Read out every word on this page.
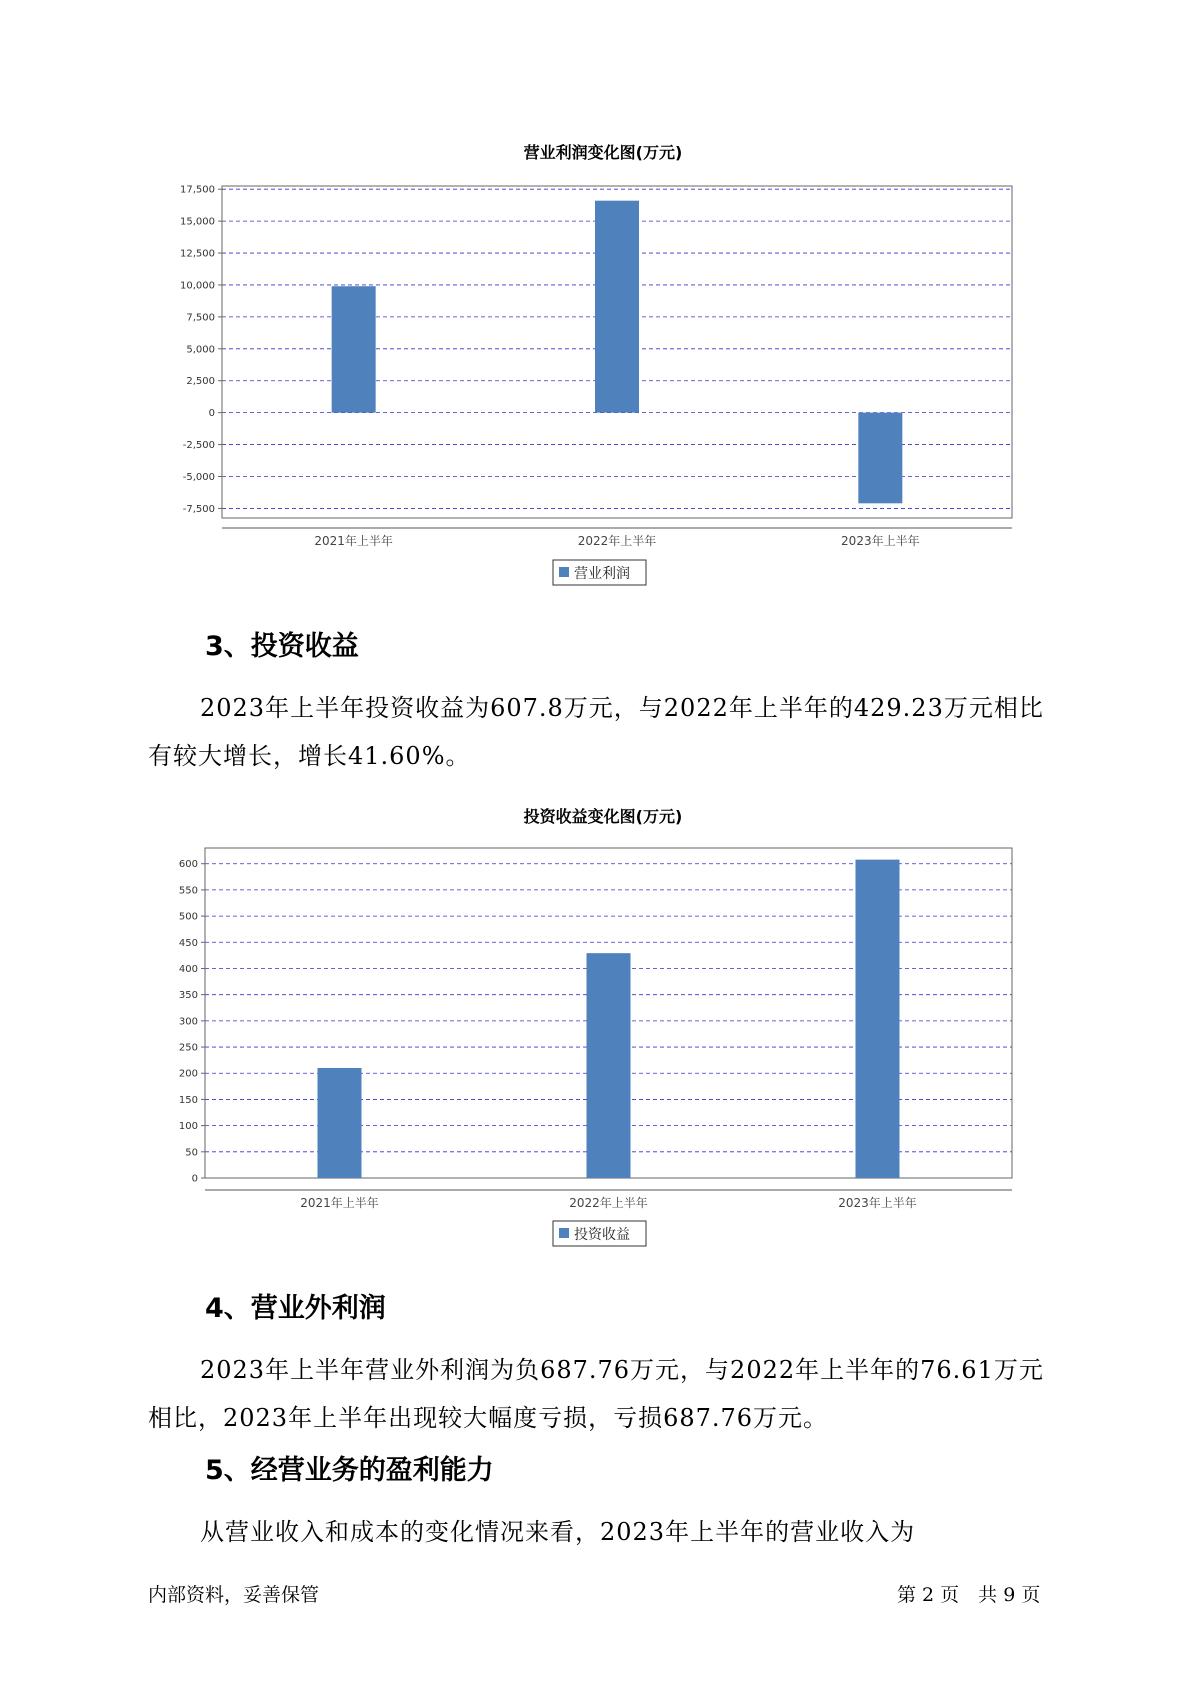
营业利润变化图(万元)
17,500
15,000
12,500
10,000
7,500
5,000
2,500
0
-2,500
-5,000
-7,500
2021年上半年	2022年上半年	2023年上半年
营业利润
3、投资收益

2023年上半年投资收益为607.8万元，与2022年上半年的429.23万元相比有较大增长，增长41.60%。

投资收益变化图(万元)
600
550
500
450
400
350
300
250
200
150
100
50
0
2021年上半年	2022年上半年	2023年上半年
投资收益
4、营业外利润

2023年上半年营业外利润为负687.76万元，与2022年上半年的76.61万元相比，2023年上半年出现较大幅度亏损，亏损687.76万元。

5、经营业务的盈利能力

从营业收入和成本的变化情况来看，2023年上半年的营业收入为

内部资料，妥善保管	第 2 页　共 9 页
